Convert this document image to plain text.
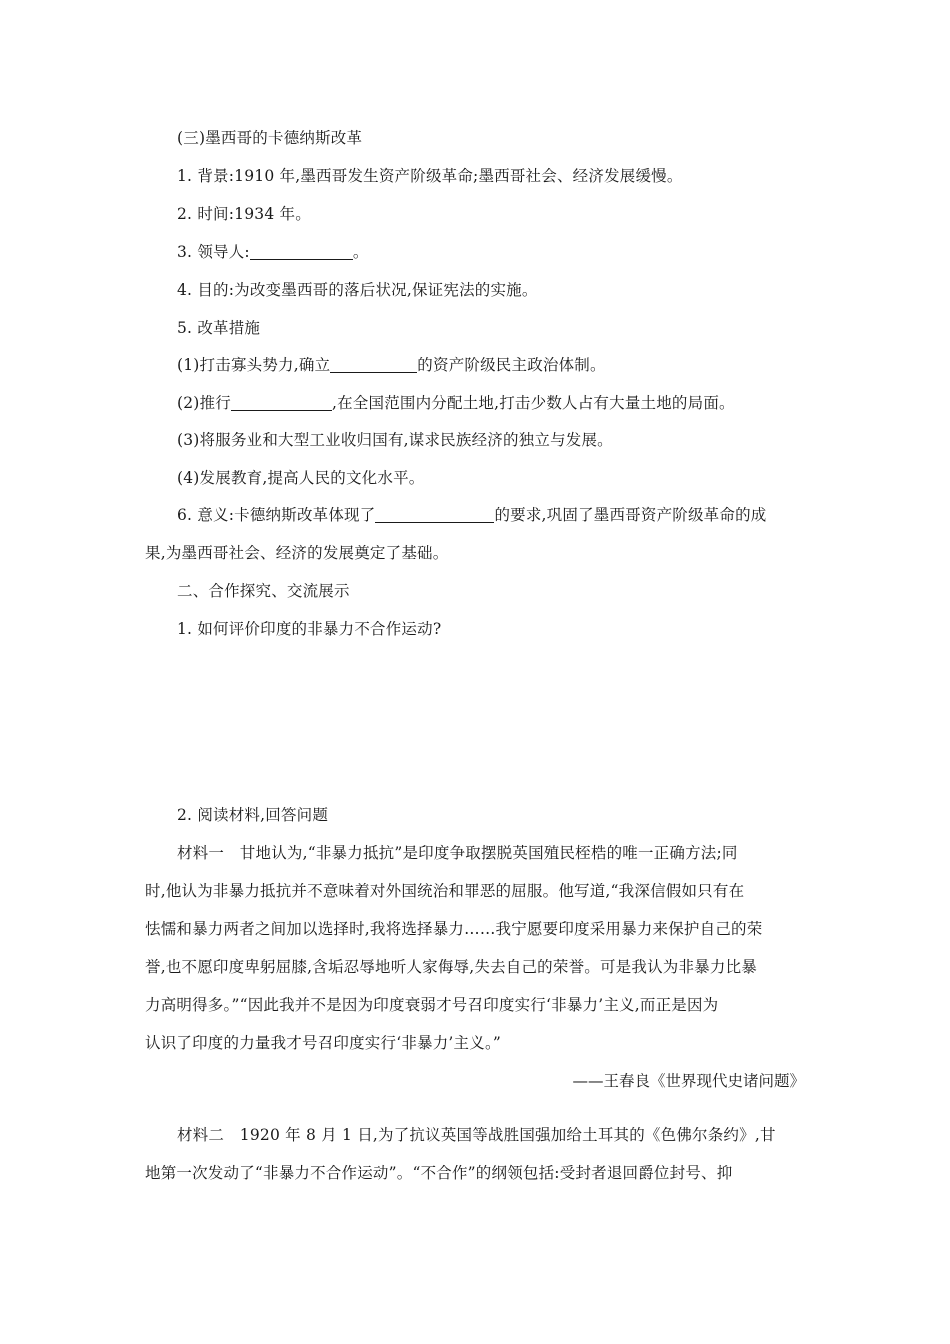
(三)墨西哥的卡德纳斯改革
1. 背景:1910 年,墨西哥发生资产阶级革命;墨西哥社会、经济发展缓慢。
2. 时间:1934 年。
3. 领导人:	。
4. 目的:为改变墨西哥的落后状况,保证宪法的实施。
5. 改革措施
(1)打击寡头势力,确立	的资产阶级民主政治体制。
(2)推行	,在全国范围内分配土地,打击少数人占有大量土地的局面。
(3)将服务业和大型工业收归国有,谋求民族经济的独立与发展。
(4)发展教育,提高人民的文化水平。
6. 意义:卡德纳斯改革体现了	的要求,巩固了墨西哥资产阶级革命的成
果,为墨西哥社会、经济的发展奠定了基础。
二、合作探究、交流展示
1. 如何评价印度的非暴力不合作运动?
2. 阅读材料,回答问题
材料一　甘地认为,“非暴力抵抗”是印度争取摆脱英国殖民桎梏的唯一正确方法;同
时,他认为非暴力抵抗并不意味着对外国统治和罪恶的屈服。他写道,“我深信假如只有在
怯懦和暴力两者之间加以选择时,我将选择暴力……我宁愿要印度采用暴力来保护自己的荣
誉,也不愿印度卑躬屈膝,含垢忍辱地听人家侮辱,失去自己的荣誉。可是我认为非暴力比暴
力高明得多。”“因此我并不是因为印度衰弱才号召印度实行‘非暴力’主义,而正是因为
认识了印度的力量我才号召印度实行‘非暴力’主义。”
——王春良《世界现代史诸问题》
材料二　1920 年 8 月 1 日,为了抗议英国等战胜国强加给土耳其的《色佛尔条约》,甘
地第一次发动了“非暴力不合作运动”。“不合作”的纲领包括:受封者退回爵位封号、抑
